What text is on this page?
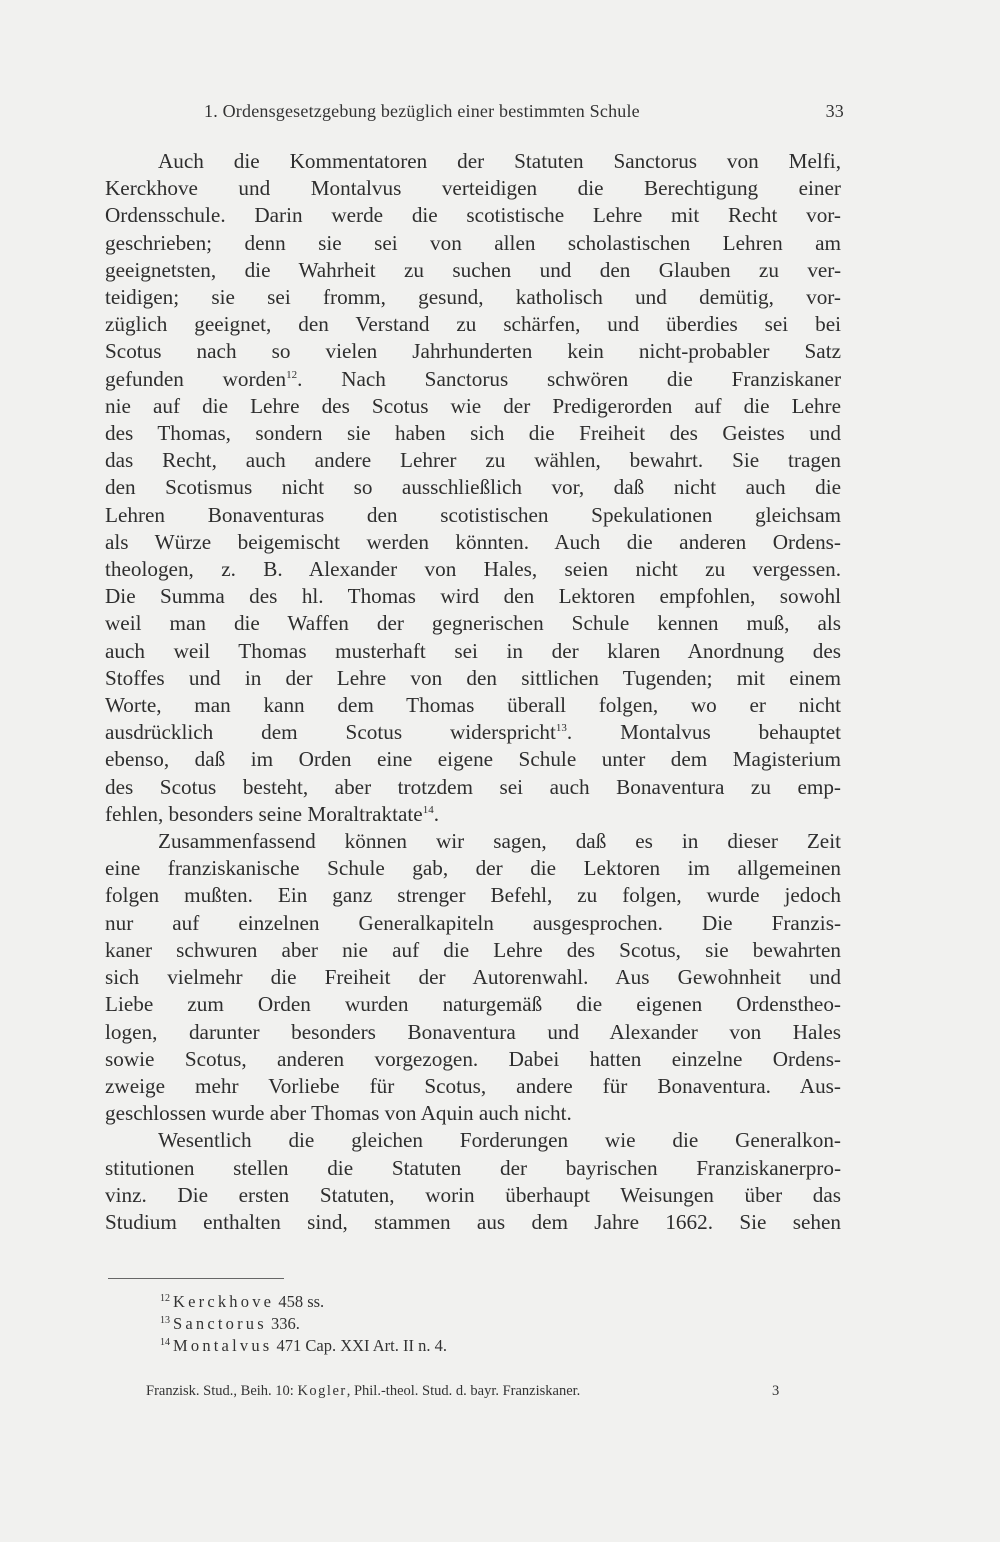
1. Ordensgesetzgebung bezüglich einer bestimmten Schule	33
Auch die Kommentatoren der Statuten Sanctorus von Melfi,
Kerckhove und Montalvus verteidigen die Berechtigung einer
Ordensschule. Darin werde die scotistische Lehre mit Recht vor-
geschrieben; denn sie sei von allen scholastischen Lehren am
geeignetsten, die Wahrheit zu suchen und den Glauben zu ver-
teidigen; sie sei fromm, gesund, katholisch und demütig, vor-
züglich geeignet, den Verstand zu schärfen, und überdies sei bei
Scotus nach so vielen Jahrhunderten kein nicht-probabler Satz
gefunden worden$^{12}$. Nach Sanctorus schwören die Franziskaner
nie auf die Lehre des Scotus wie der Predigerorden auf die Lehre
des Thomas, sondern sie haben sich die Freiheit des Geistes und
das Recht, auch andere Lehrer zu wählen, bewahrt. Sie tragen
den Scotismus nicht so ausschließlich vor, daß nicht auch die
Lehren Bonaventuras den scotistischen Spekulationen gleichsam
als Würze beigemischt werden könnten. Auch die anderen Ordens-
theologen, z. B. Alexander von Hales, seien nicht zu vergessen.
Die Summa des hl. Thomas wird den Lektoren empfohlen, sowohl
weil man die Waffen der gegnerischen Schule kennen muß, als
auch weil Thomas musterhaft sei in der klaren Anordnung des
Stoffes und in der Lehre von den sittlichen Tugenden; mit einem
Worte, man kann dem Thomas überall folgen, wo er nicht
ausdrücklich dem Scotus widerspricht$^{13}$. Montalvus behauptet
ebenso, daß im Orden eine eigene Schule unter dem Magisterium
des Scotus besteht, aber trotzdem sei auch Bonaventura zu emp-
fehlen, besonders seine Moraltraktate$^{14}$.
Zusammenfassend können wir sagen, daß es in dieser Zeit
eine franziskanische Schule gab, der die Lektoren im allgemeinen
folgen mußten. Ein ganz strenger Befehl, zu folgen, wurde jedoch
nur auf einzelnen Generalkapiteln ausgesprochen. Die Franzis-
kaner schwuren aber nie auf die Lehre des Scotus, sie bewahrten
sich vielmehr die Freiheit der Autorenwahl. Aus Gewohnheit und
Liebe zum Orden wurden naturgemäß die eigenen Ordenstheo-
logen, darunter besonders Bonaventura und Alexander von Hales
sowie Scotus, anderen vorgezogen. Dabei hatten einzelne Ordens-
zweige mehr Vorliebe für Scotus, andere für Bonaventura. Aus-
geschlossen wurde aber Thomas von Aquin auch nicht.
Wesentlich die gleichen Forderungen wie die Generalkon-
stitutionen stellen die Statuten der bayrischen Franziskanerpro-
vinz. Die ersten Statuten, worin überhaupt Weisungen über das
Studium enthalten sind, stammen aus dem Jahre 1662. Sie sehen
$^{12}$ Kerckhove 458 ss.
$^{13}$ Sanctorus 336.
$^{14}$ Montalvus 471 Cap. XXI Art. II n. 4.
Franzisk. Stud., Beih. 10: Kogler, Phil.-theol. Stud. d. bayr. Franziskaner.	3
